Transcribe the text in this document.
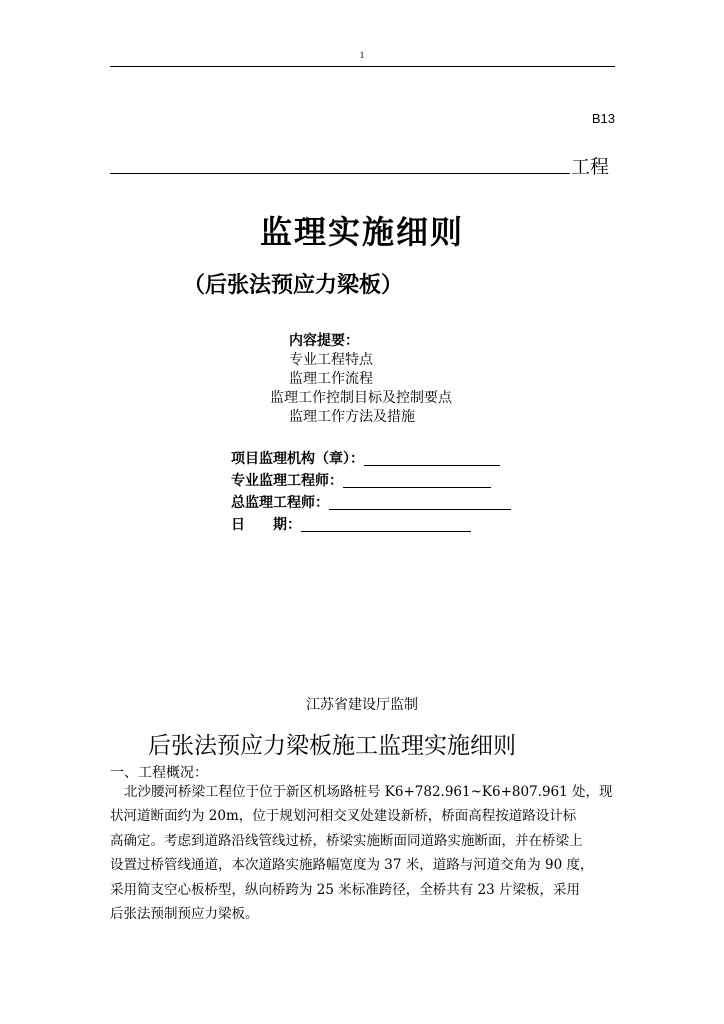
1
B13
工程
监理实施细则
（后张法预应力梁板）
内容提要：
专业工程特点
监理工作流程
监理工作控制目标及控制要点
监理工作方法及措施
项目监理机构（章）：
专业监理工程师：
总监理工程师：
日　　期：
江苏省建设厅监制
后张法预应力梁板施工监理实施细则
一、工程概况：
北沙腰河桥梁工程位于位于新区机场路桩号 K6+782.961~K6+807.961 处，现
状河道断面约为 20m，位于规划河相交叉处建设新桥，桥面高程按道路设计标
高确定。考虑到道路沿线管线过桥，桥梁实施断面同道路实施断面，并在桥梁上
设置过桥管线通道，本次道路实施路幅宽度为 37 米，道路与河道交角为 90 度，
采用简支空心板桥型，纵向桥跨为 25 米标准跨径，全桥共有 23 片梁板，采用
后张法预制预应力梁板。
